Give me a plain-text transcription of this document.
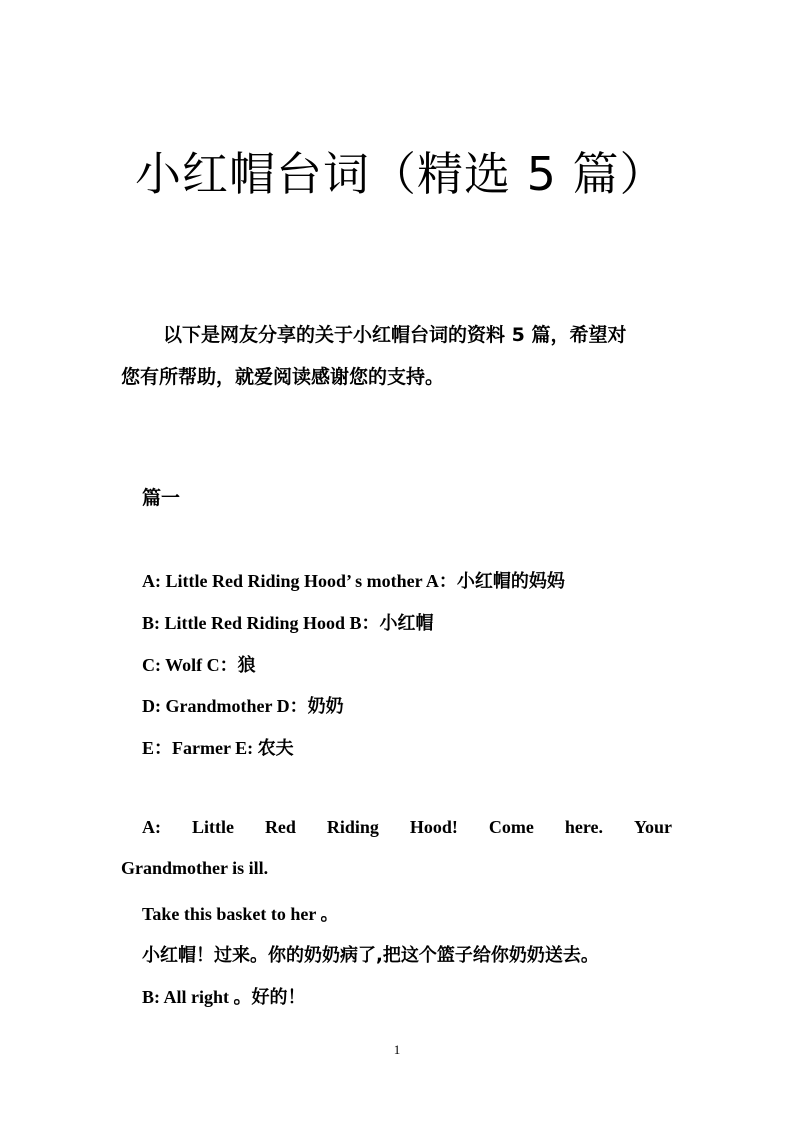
小红帽台词（精选 5 篇）
以下是网友分享的关于小红帽台词的资料 5 篇，希望对
您有所帮助，就爱阅读感谢您的支持。
篇一
A: Little Red Riding Hood’ s mother A：小红帽的妈妈
B: Little Red Riding Hood B：小红帽
C: Wolf C：狼
D: Grandmother D：奶奶
E：Farmer E: 农夫
A: Little Red Riding Hood! Come here. Your
Grandmother is ill.
Take this basket to her 。
小红帽！过来。你的奶奶病了,把这个篮子给你奶奶送去。
B: All right 。好的！
1
